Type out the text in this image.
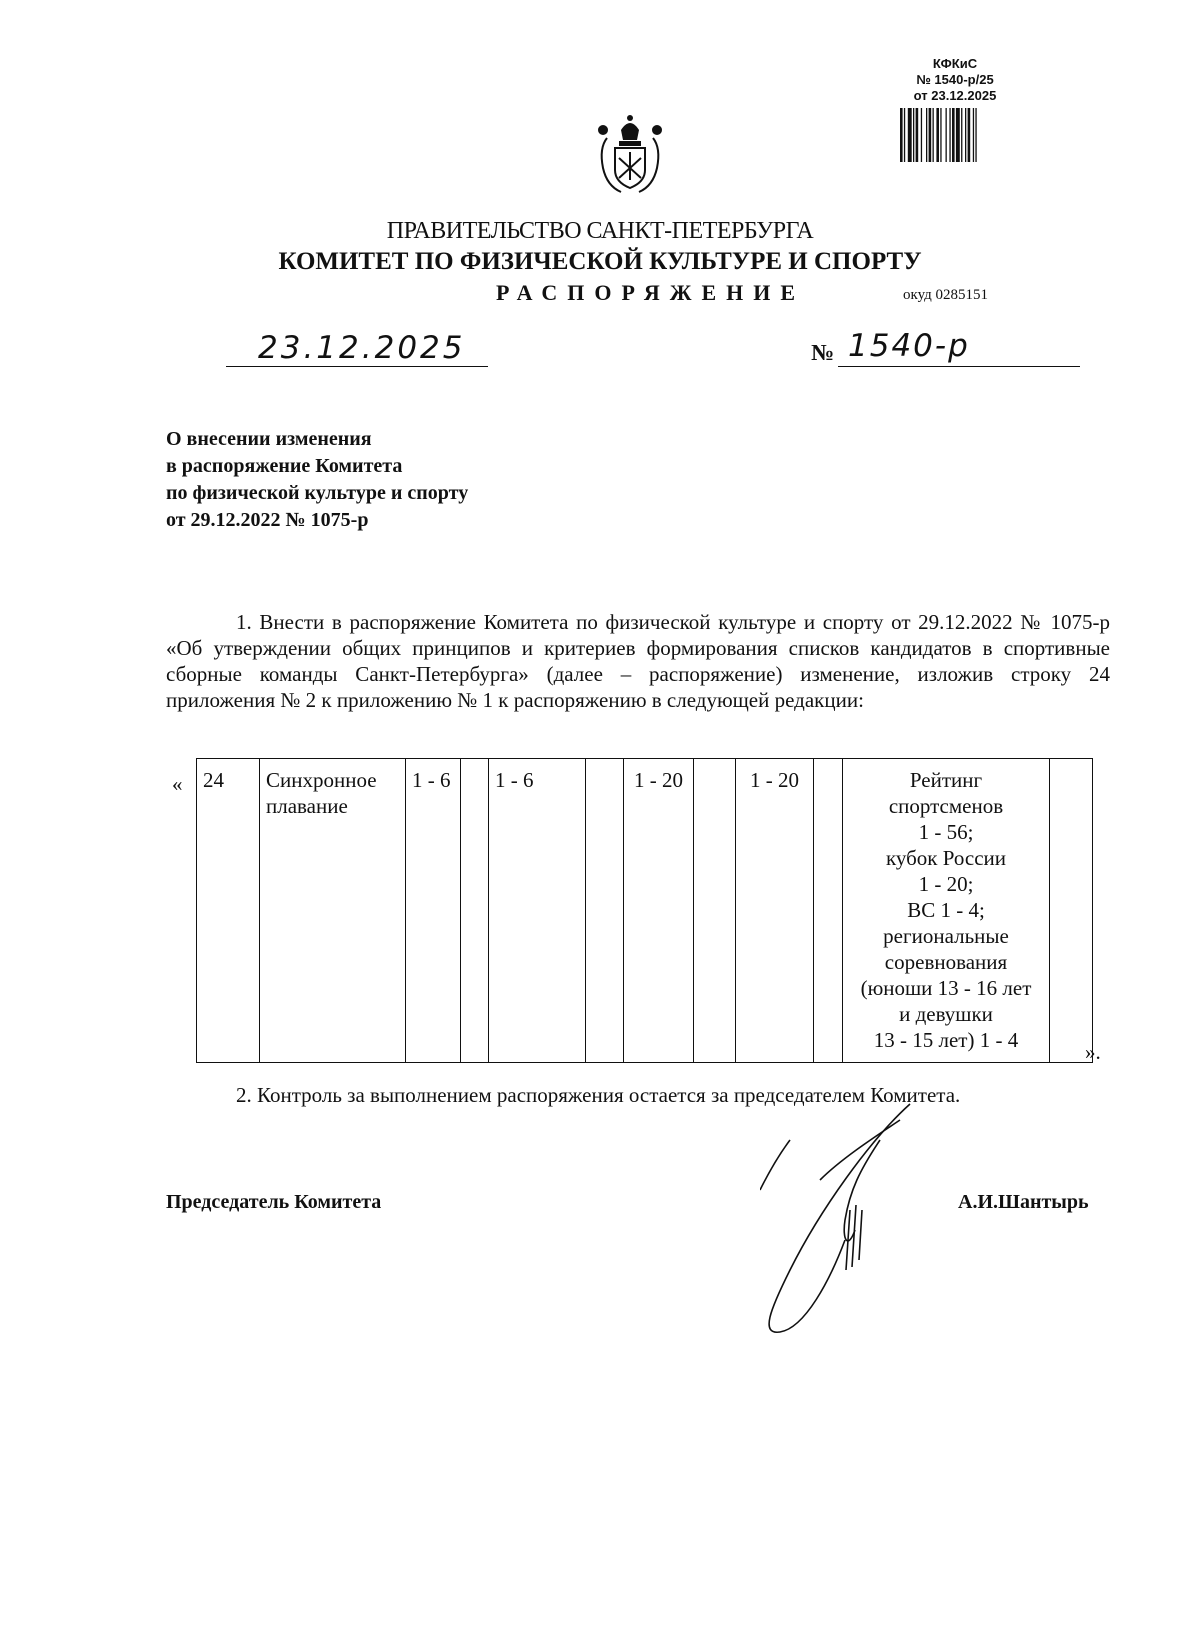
КФКиС
№ 1540-р/25
от 23.12.2025
ПРАВИТЕЛЬСТВО САНКТ-ПЕТЕРБУРГА
КОМИТЕТ ПО ФИЗИЧЕСКОЙ КУЛЬТУРЕ И СПОРТУ
РАСПОРЯЖЕНИЕ	окуд 0285151
23.12.2025	№ 1540-р
О внесении изменения
в распоряжение Комитета
по физической культуре и спорту
от 29.12.2022 № 1075-р
1. Внести в распоряжение Комитета по физической культуре и спорту от 29.12.2022 № 1075-р «Об утверждении общих принципов и критериев формирования списков кандидатов в спортивные сборные команды Санкт-Петербурга» (далее – распоряжение) изменение, изложив строку 24 приложения № 2 к приложению № 1 к распоряжению в следующей редакции:
« 24	Синхронное плавание	1 - 6		1 - 6		1 - 20		1 - 20		Рейтинг
спортсменов
1 - 56;
кубок России
1 - 20;
ВС 1 - 4;
региональные
соревнования
(юноши 13 - 16 лет
и девушки
13 - 15 лет) 1 - 4
		».
2. Контроль за выполнением распоряжения остается за председателем Комитета.
Председатель Комитета	А.И.Шантырь
